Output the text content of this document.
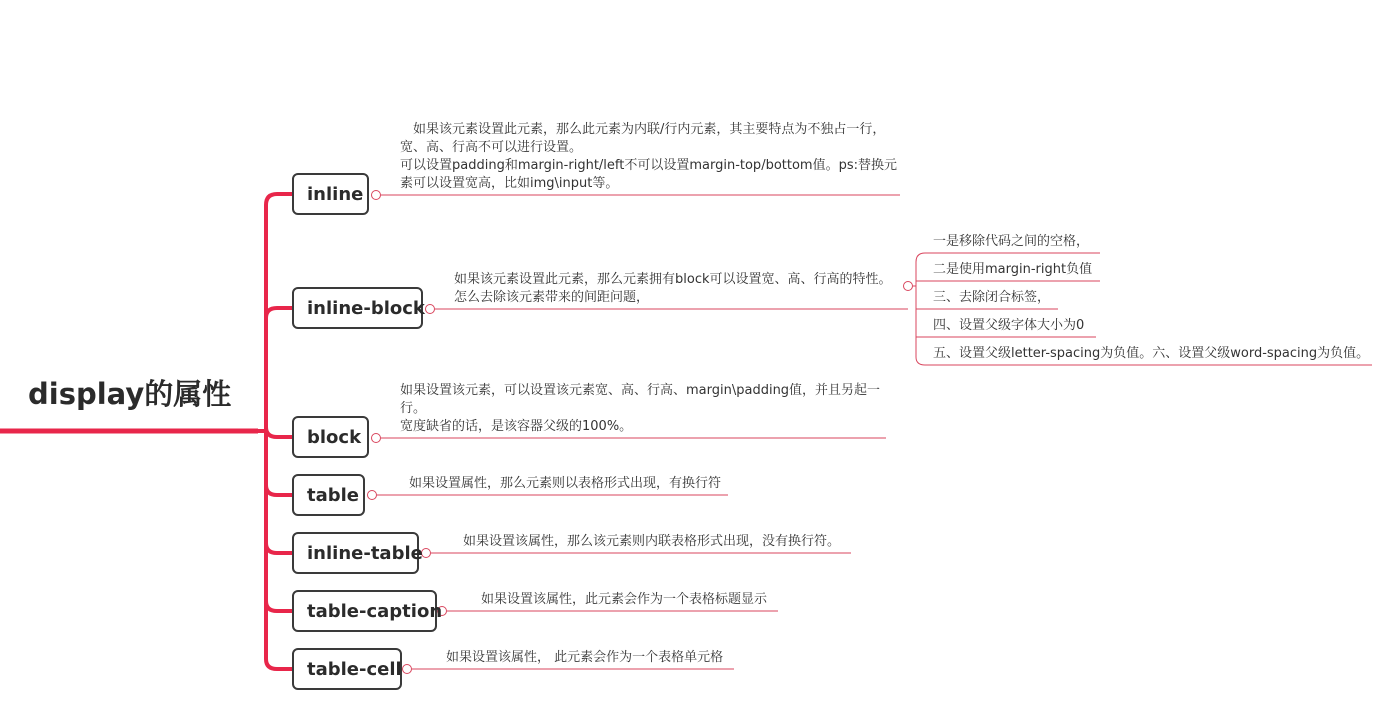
display的属性
inline
inline-block
block
table
inline-table
table-caption
table-cell
　如果该元素设置此元素，那么此元素为内联/行内元素，其主要特点为不独占一行，
宽、高、行高不可以进行设置。
可以设置padding和margin-right/left不可以设置margin-top/bottom值。ps:替换元
素可以设置宽高，比如img\input等。
如果该元素设置此元素，那么元素拥有block可以设置宽、高、行高的特性。
怎么去除该元素带来的间距问题，
如果设置该元素，可以设置该元素宽、高、行高、margin\padding值，并且另起一
行。
宽度缺省的话，是该容器父级的100%。
如果设置属性，那么元素则以表格形式出现，有换行符
如果设置该属性，那么该元素则内联表格形式出现，没有换行符。
如果设置该属性，此元素会作为一个表格标题显示
如果设置该属性， 此元素会作为一个表格单元格
一是移除代码之间的空格，
二是使用margin-right负值
三、去除闭合标签，
四、设置父级字体大小为0
五、设置父级letter-spacing为负值。六、设置父级word-spacing为负值。
